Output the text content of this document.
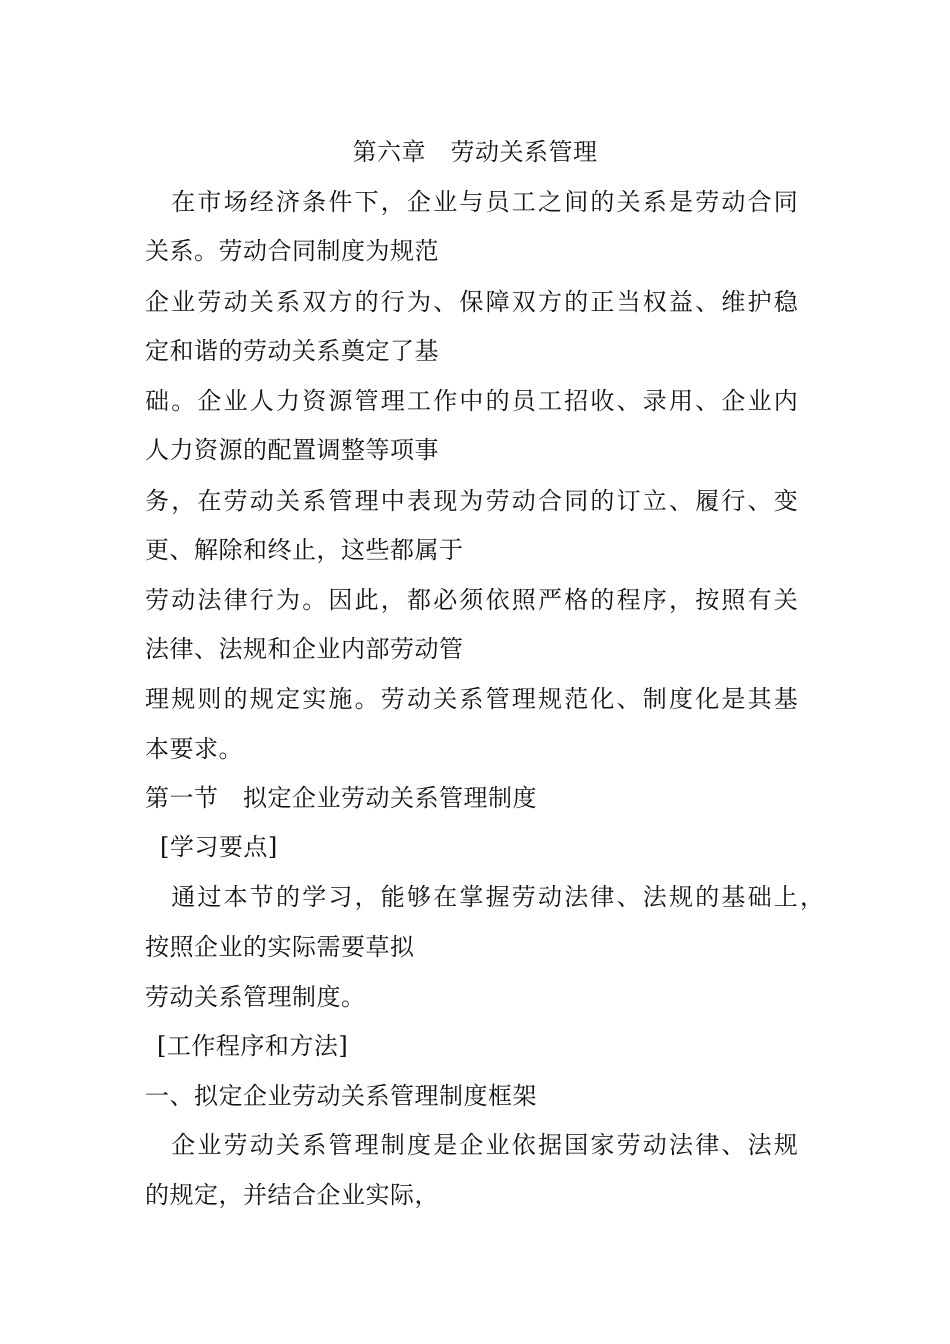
第六章　劳动关系管理
　在市场经济条件下，企业与员工之间的关系是劳动合同
关系。劳动合同制度为规范
企业劳动关系双方的行为、保障双方的正当权益、维护稳
定和谐的劳动关系奠定了基
础。企业人力资源管理工作中的员工招收、录用、企业内
人力资源的配置调整等项事
务，在劳动关系管理中表现为劳动合同的订立、履行、变
更、解除和终止，这些都属于
劳动法律行为。因此，都必须依照严格的程序，按照有关
法律、法规和企业内部劳动管
理规则的规定实施。劳动关系管理规范化、制度化是其基
本要求。
第一节　拟定企业劳动关系管理制度
[学习要点]
　通过本节的学习，能够在掌握劳动法律、法规的基础上，
按照企业的实际需要草拟
劳动关系管理制度。
[工作程序和方法]
一、拟定企业劳动关系管理制度框架
　企业劳动关系管理制度是企业依据国家劳动法律、法规
的规定，并结合企业实际，
